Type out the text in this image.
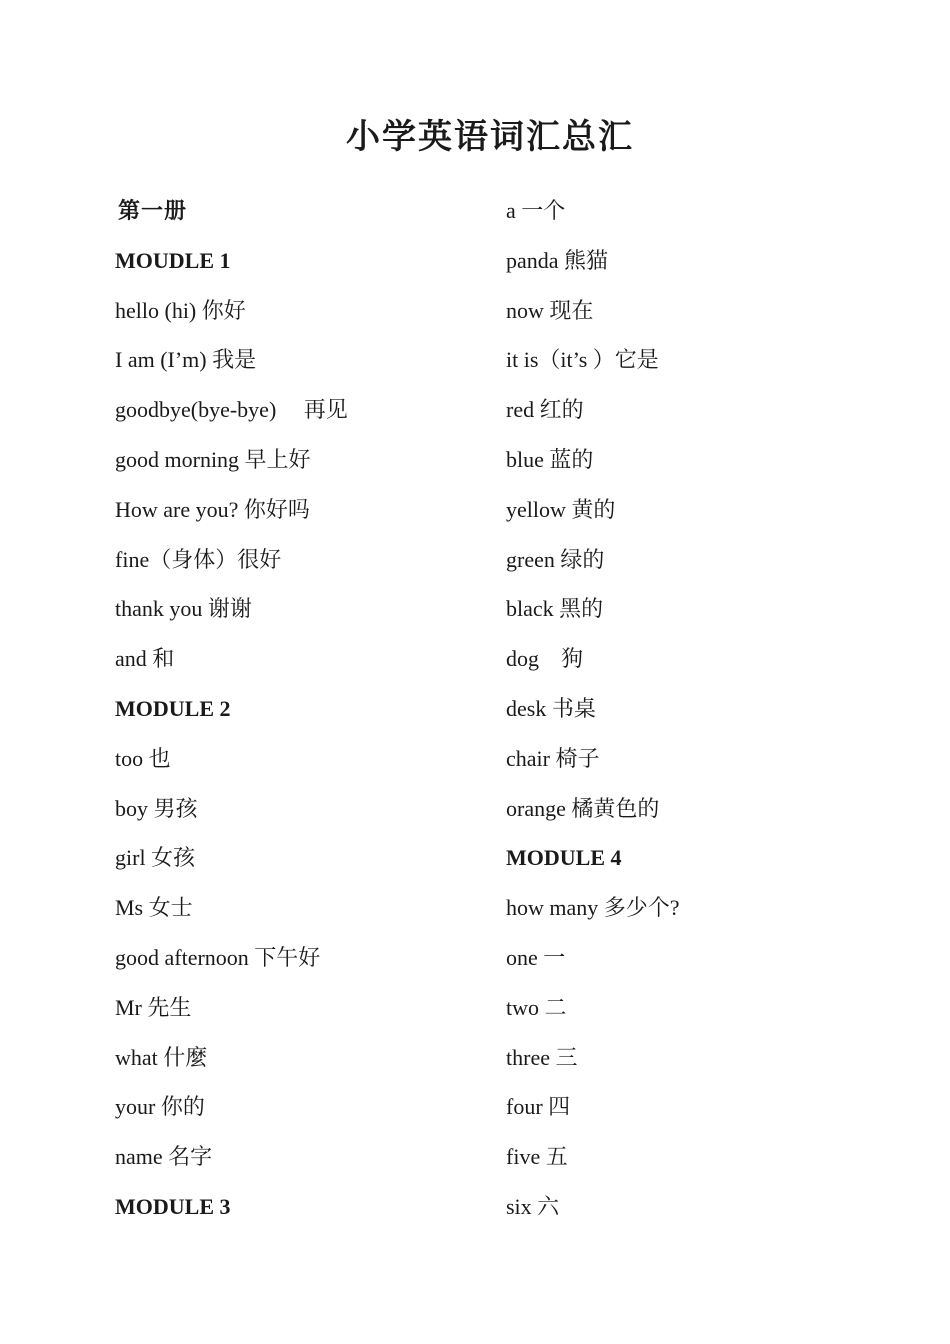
小学英语词汇总汇
第一册
MOUDLE 1
hello (hi) 你好
I am (I’m) 我是
goodbye(bye-bye)　 再见
good morning 早上好
How are you? 你好吗
fine（身体）很好
thank you 谢谢
and 和
MODULE 2
too 也
boy 男孩
girl 女孩
Ms 女士
good afternoon 下午好
Mr 先生
what 什麼
your 你的
name 名字
MODULE 3
a 一个
panda 熊猫
now 现在
it is（it’s ）它是
red 红的
blue 蓝的
yellow 黄的
green 绿的
black 黑的
dog　狗
desk 书桌
chair 椅子
orange 橘黄色的
MODULE 4
how many 多少个?
one 一
two 二
three 三
four 四
five 五
six 六
